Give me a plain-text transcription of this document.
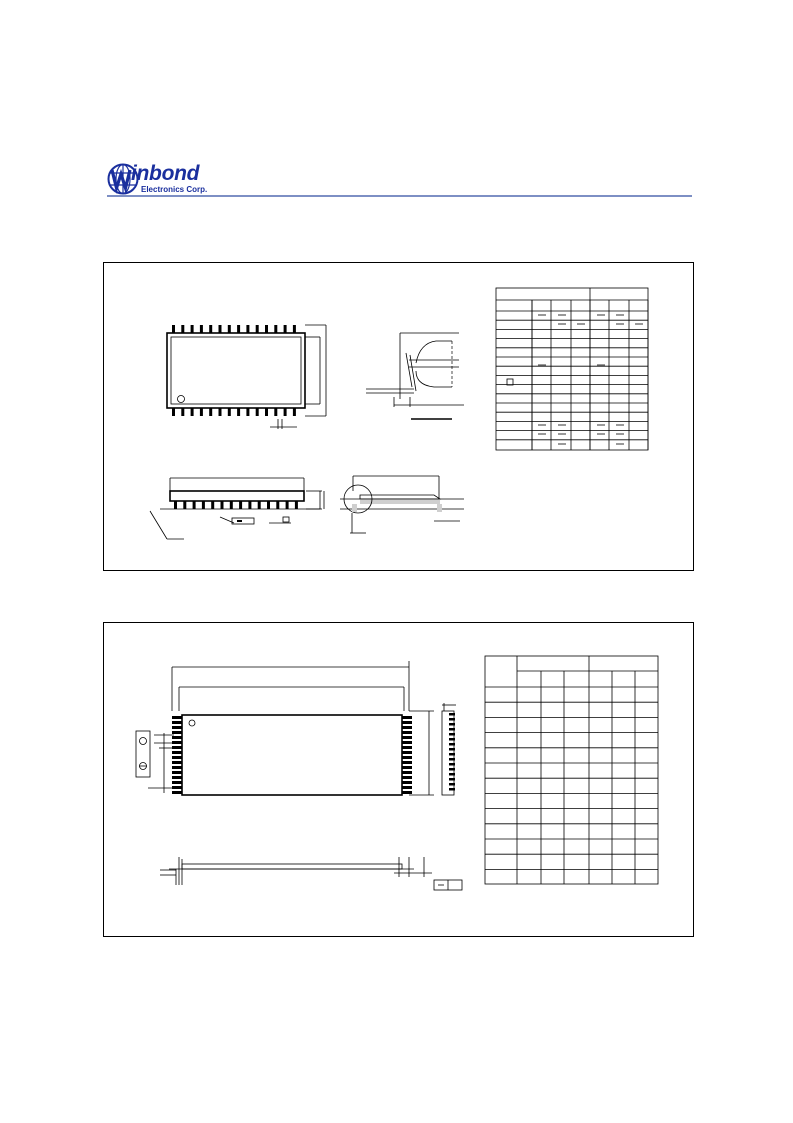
inbond
Electronics Corp.
